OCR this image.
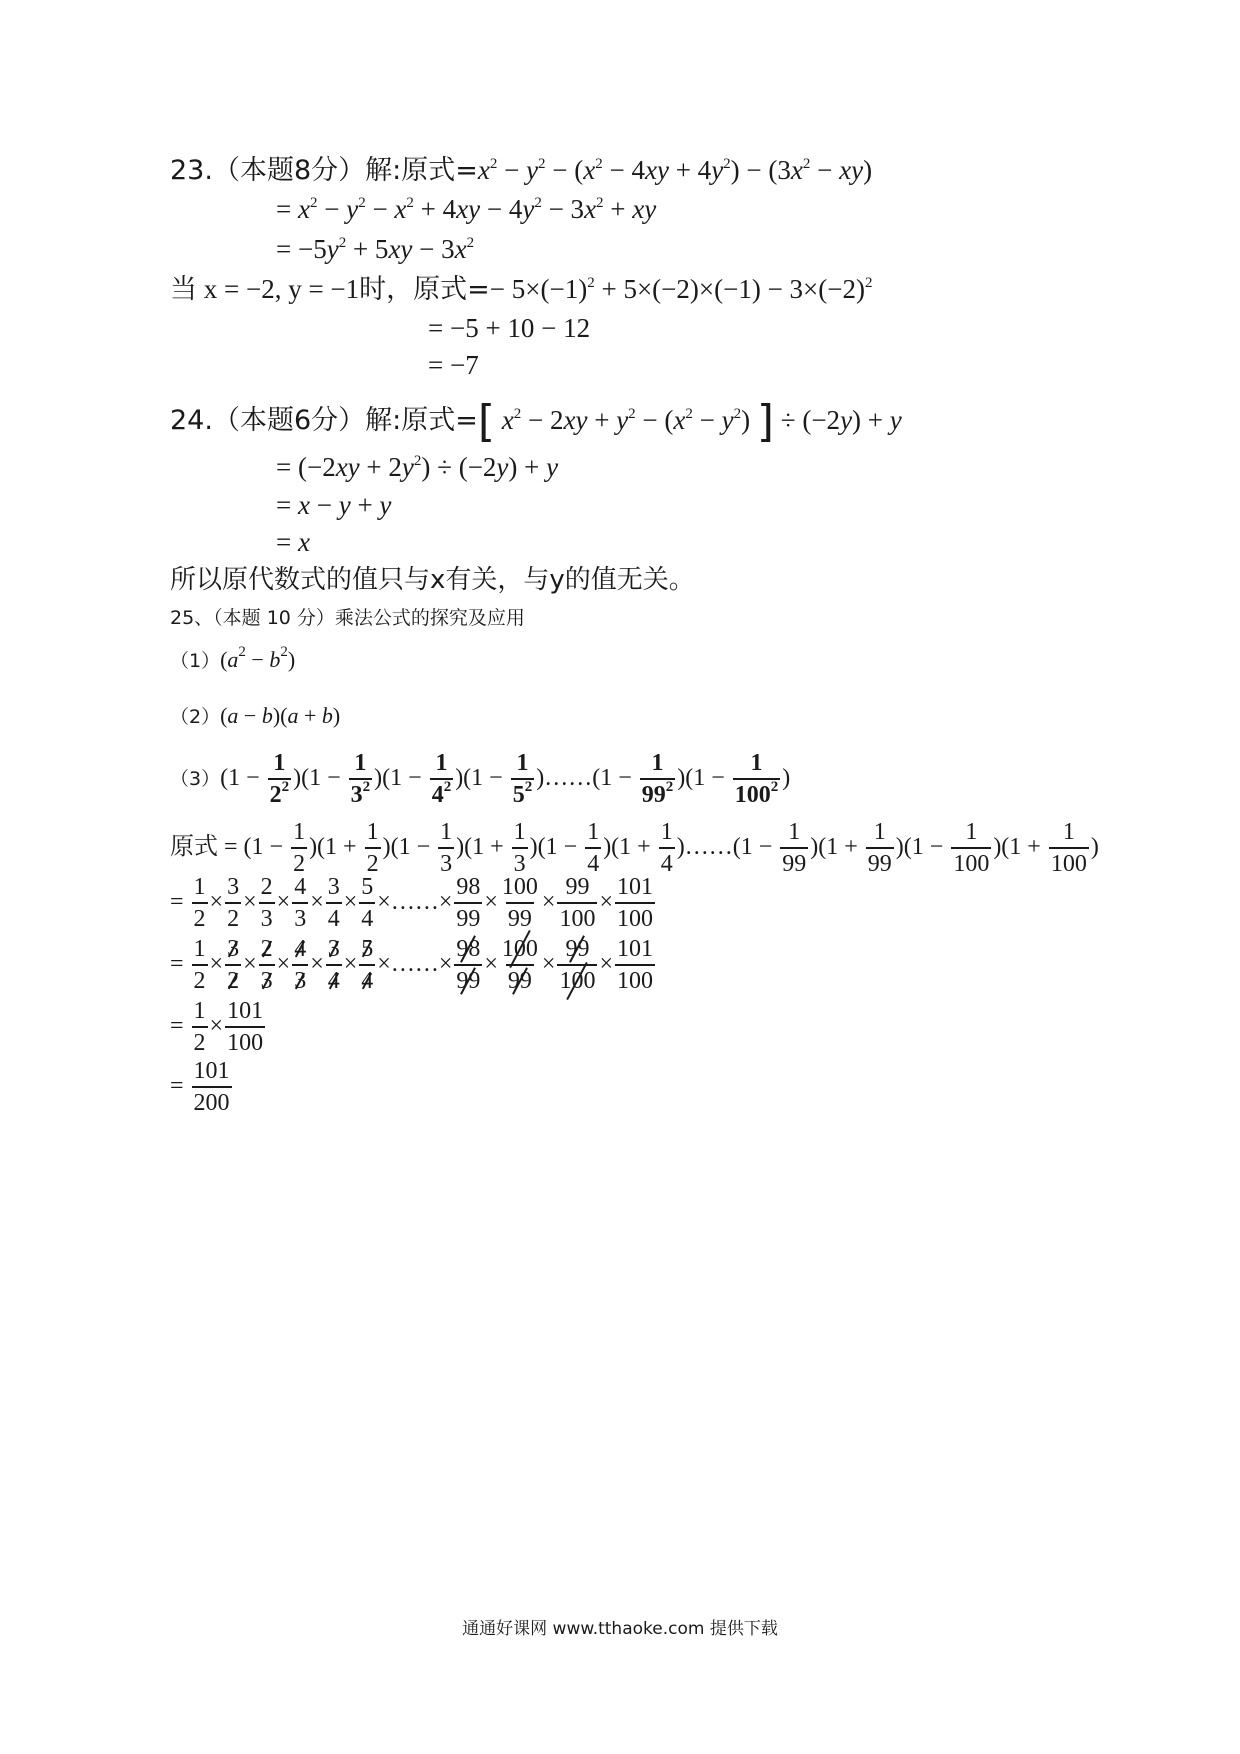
23.（本题8分）解:原式$=x^2 - y^2 - (x^2 - 4xy + 4y^2) - (3x^2 - xy)$
= $x^2 - y^2 - x^2 + 4xy - 4y^2 - 3x^2$ + xy
= $-5y^2 + 5xy - 3x^2$
当 x = −2, y = −1时，原式=− $5\times(-1)^2 + 5\times(-2)\times(-1) - 3\times(-2)^2$
= −5 + 10 − 12
= −7
24.（本题6分）解:原式=[ $x^2 - 2xy + y^2 - (x^2 - y^2)$ ] ÷ (−2y) + y
= $(-2xy + 2y^2) \div (-2y) + y$
= x − y + y
= x
所以原代数式的值只与x有关，与y的值无关。
25、（本题 10 分）乘法公式的探究及应用
$(1)(a^2 - b^2)$
（2）(a − b)(a + b)
$(3)(1 - \frac{1}{2^2} )(1 - \frac{1}{3^2} )(1 - \frac{1}{4^2} )(1 - \frac{1}{5^2}$ )……(1 − $\frac{1}{99^2} )(1 - \frac{1}{100^2}$ )
原式 = $(1 - \frac{1}{2} )(1 + \frac{1}{2} )(1 - \frac{1}{3} )(1 + \frac{1}{3} )(1 - \frac{1}{4} )(1 + \frac{1}{4}$ )……(1 − $\frac{1}{99} )(1 + \frac{1}{99} )(1 - \frac{1}{100} )(1 + \frac{1}{100}$ )
= $\frac{1}{2} \times \frac{3}{2} \times \frac{2}{3} \times \frac{4}{3} \times \frac{3}{4} \times \frac{5}{4}$ ×……× $\frac{98}{99} \times \frac{100}{99} \times \frac{99}{100} \times \frac{101}{100}$
= $\frac{1}{2} \times \frac{3}{2} \times \frac{2}{3} \times \frac{4}{3} \times \frac{3}{4} \times \frac{5}{4}$ ×……× $\frac{98}{99} \times \frac{100}{99} \times \frac{99}{100} \times \frac{101}{100}$
= $\frac{1}{2} \times \frac{101}{100}$
= $\frac{101}{200}$
通通好课网 www.tthaoke.com 提供下载
